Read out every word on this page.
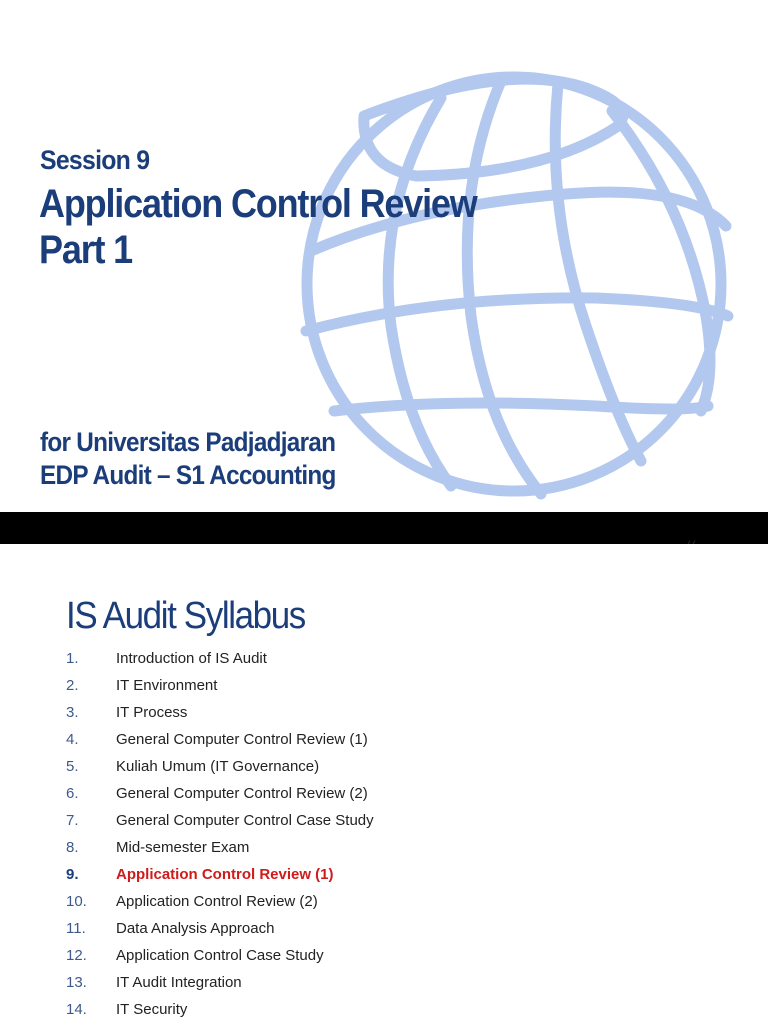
Session 9
Application Control Review
Part 1
for Universitas Padjadjaran
EDP Audit – S1 Accounting
IS Audit Syllabus
1. Introduction of IS Audit
2. IT Environment
3. IT Process
4. General Computer Control Review (1)
5. Kuliah Umum (IT Governance)
6. General Computer Control Review (2)
7. General Computer Control Case Study
8. Mid-semester Exam
9. Application Control Review (1)
10. Application Control Review (2)
11. Data Analysis Approach
12. Application Control Case Study
13. IT Audit Integration
14. IT Security
